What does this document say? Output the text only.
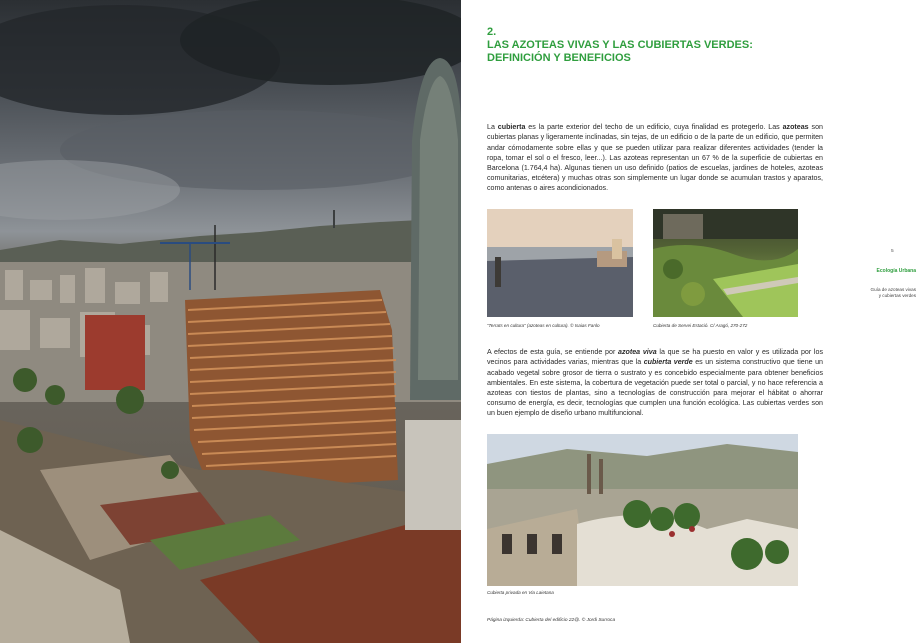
2.
LAS AZOTEAS VIVAS Y LAS CUBIERTAS VERDES: DEFINICIÓN Y BENEFICIOS

La cubierta es la parte exterior del techo de un edificio, cuya finalidad es protegerlo. Las azoteas son cubiertas planas y ligeramente inclinadas, sin tejas, de un edificio o de la parte de un edificio, que permiten andar cómodamente sobre ellas y que se pueden utilizar para realizar diferentes actividades (tender la ropa, tomar el sol o el fresco, leer...). Las azoteas representan un 67 % de la superficie de cubiertas en Barcelona (1.764,4 ha). Algunas tienen un uso definido (patios de escuelas, jardines de hoteles, azoteas comunitarias, etcétera) y muchas otras son simplemente un lugar donde se acumulan trastos y aparatos, como antenas o aires acondicionados.

“Terrats en cultura” (azoteas en cultura). © Isaias Fanlo	Cubierta de Servei Estació. C/ Aragó, 270-272

A efectos de esta guía, se entiende por azotea viva la que se ha puesto en valor y es utilizada por los vecinos para actividades varias, mientras que la cubierta verde es un sistema constructivo que tiene un acabado vegetal sobre grosor de tierra o sustrato y es concebido especialmente para obtener beneficios ambientales. En este sistema, la cobertura de vegetación puede ser total o parcial, y no hace referencia a azoteas con tiestos de plantas, sino a tecnologías de construcción para mejorar el hábitat o ahorrar consumo de energía, es decir, tecnologías que cumplen una función ecológica. Las cubiertas verdes son un buen ejemplo de diseño urbano multifuncional.

Cubierta privada en Via Laietana
Página izquierda: Cubierta del edificio 22@. © Jordi Surroca
5
Ecología Urbana
Guía de azoteas vivas
y cubiertas verdes
